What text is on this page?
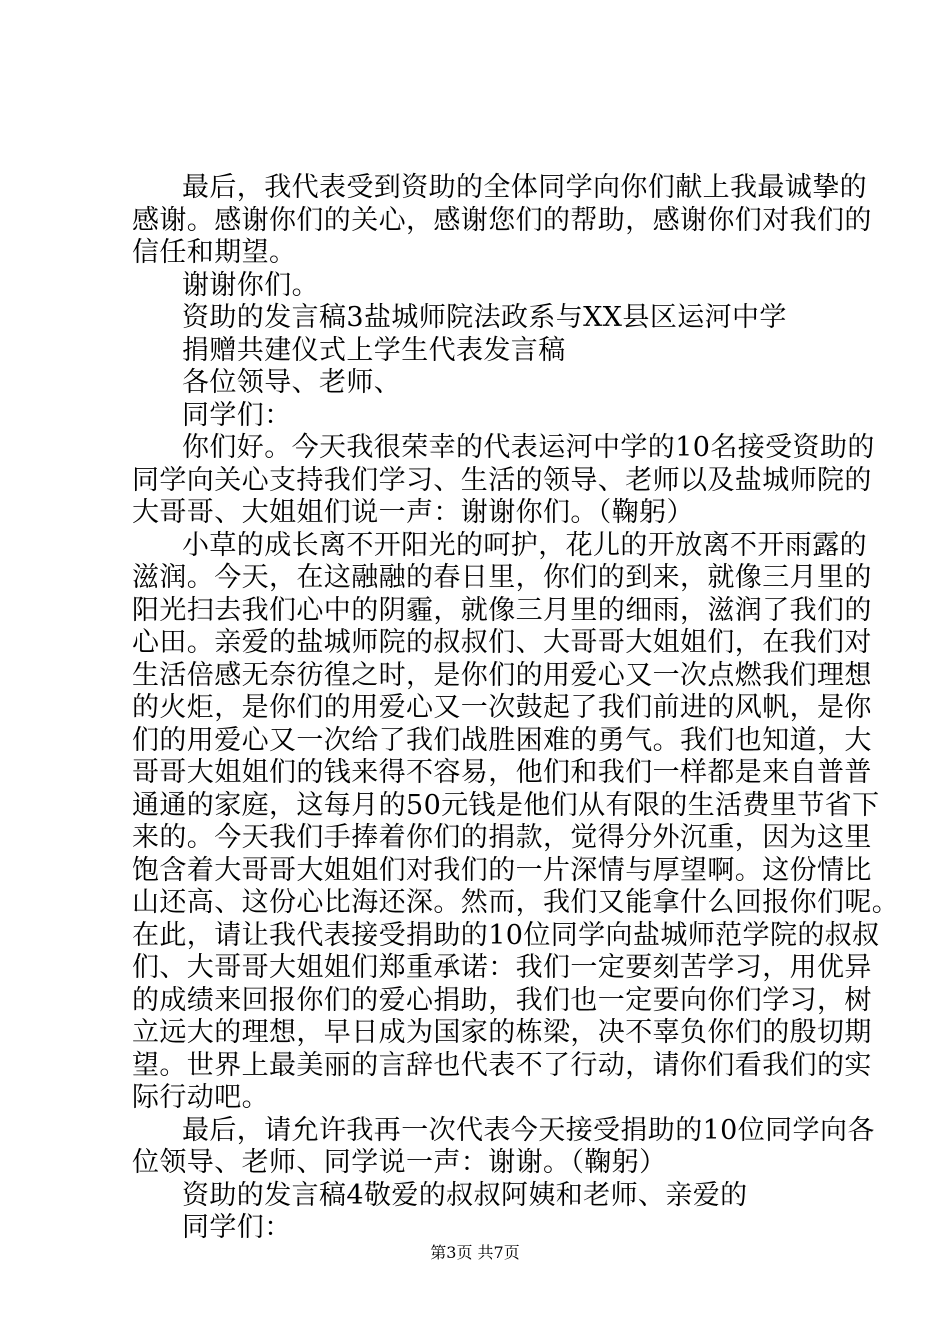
最后，我代表受到资助的全体同学向你们献上我最诚挚的
感谢。感谢你们的关心，感谢您们的帮助，感谢你们对我们的
信任和期望。
谢谢你们。
资助的发言稿3盐城师院法政系与XX县区运河中学
捐赠共建仪式上学生代表发言稿
各位领导、老师、
同学们：
你们好。今天我很荣幸的代表运河中学的10名接受资助的
同学向关心支持我们学习、生活的领导、老师以及盐城师院的
大哥哥、大姐姐们说一声：谢谢你们。（鞠躬）
小草的成长离不开阳光的呵护，花儿的开放离不开雨露的
滋润。今天，在这融融的春日里，你们的到来，就像三月里的
阳光扫去我们心中的阴霾，就像三月里的细雨，滋润了我们的
心田。亲爱的盐城师院的叔叔们、大哥哥大姐姐们，在我们对
生活倍感无奈彷徨之时，是你们的用爱心又一次点燃我们理想
的火炬，是你们的用爱心又一次鼓起了我们前进的风帆，是你
们的用爱心又一次给了我们战胜困难的勇气。我们也知道，大
哥哥大姐姐们的钱来得不容易，他们和我们一样都是来自普普
通通的家庭，这每月的50元钱是他们从有限的生活费里节省下
来的。今天我们手捧着你们的捐款，觉得分外沉重，因为这里
饱含着大哥哥大姐姐们对我们的一片深情与厚望啊。这份情比
山还高、这份心比海还深。然而，我们又能拿什么回报你们呢。
在此，请让我代表接受捐助的10位同学向盐城师范学院的叔叔
们、大哥哥大姐姐们郑重承诺：我们一定要刻苦学习，用优异
的成绩来回报你们的爱心捐助，我们也一定要向你们学习，树
立远大的理想，早日成为国家的栋梁，决不辜负你们的殷切期
望。世界上最美丽的言辞也代表不了行动，请你们看我们的实
际行动吧。
最后，请允许我再一次代表今天接受捐助的10位同学向各
位领导、老师、同学说一声：谢谢。（鞠躬）
资助的发言稿4敬爱的叔叔阿姨和老师、亲爱的
同学们：
第3页 共7页
